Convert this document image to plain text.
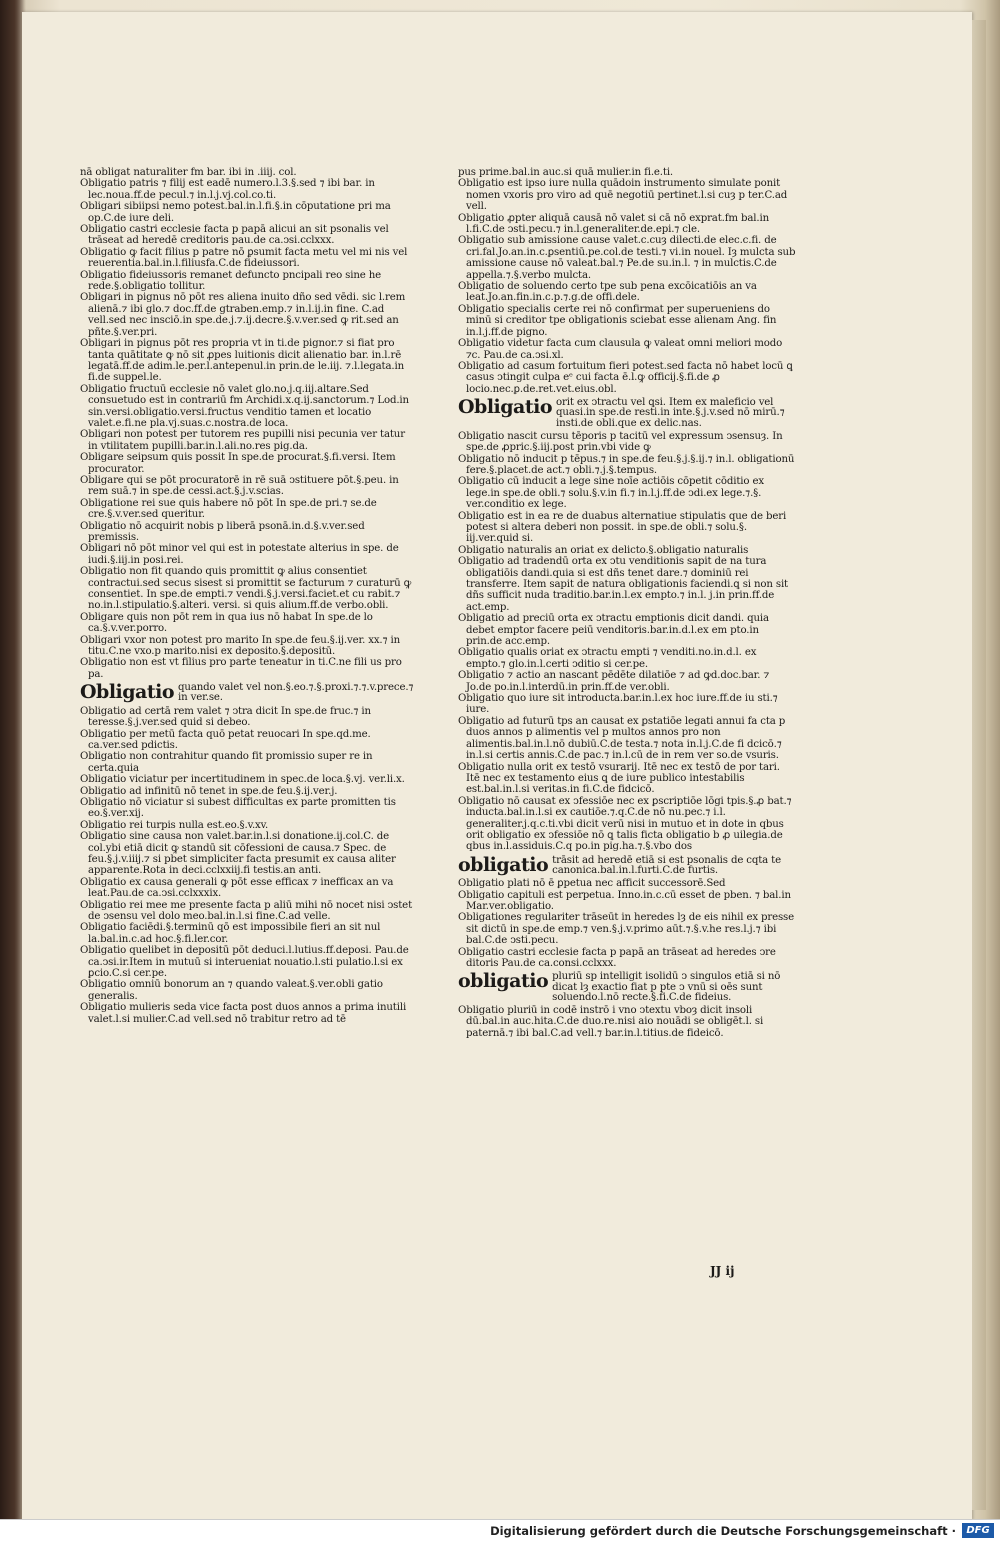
nā obligat naturaliter fm bar. ibi in .iiij. col.

Obligatio patris ⁊ filij est eadē numero.l.3.§.sed ⁊ ibi bar. in lec.noua.ff.de pecul.⁊ in.l.j.vj.col.co.ti.

Obligari sibiipsi nemo potest.bal.in.l.fi.§.in cōputatione pri ma op.C.de iure deli.

Obligatio castri ecclesie facta p papā alicui an sit psonalis vel trāseat ad heredē creditoris pau.de ca.ↄsi.cclxxx.

Obligatio ꝙ facit filius p patre nō ꝑsumit facta metu vel mi nis vel reuerentia.bal.in.l.filiusfa.C.de fideiussori.

Obligatio fideiussoris remanet defuncto pncipali reo sine he rede.§.obligatio tollitur.

Obligari in pignus nō pōt res aliena inuito dño sed vēdi. sic l.rem alienā.⁊ ibi glo.⁊ doc.ff.de gtraben.emp.⁊ in.l.ij.in fine. C.ad vell.sed nec insciō.in spe.de.j.⁊.ij.decre.§.v.ver.sed ꝙ rit.sed an pñte.§.ver.pri.

Obligari in pignus pōt res propria vt in ti.de pignor.⁊ si fiat pro tanta quātitate ꝙ nō sit ꝓpes luitionis dicit alienatio bar. in.l.rē legatā.ff.de adim.le.per.l.antepenul.in prin.de le.iij. ⁊.l.legata.in fi.de suppel.le.

Obligatio fructuū ecclesie nō valet glo.no.j.q.iij.altare.Sed consuetudo est in contrariū fm Archidi.x.q.ij.sanctorum.⁊ Lod.in sin.versi.obligatio.versi.fructus venditio tamen et locatio valet.e.fi.ne pla.vj.suas.c.nostra.de loca.

Obligari non potest per tutorem res pupilli nisi pecunia ver tatur in vtilitatem pupilli.bar.in.l.ali.no.res pig.da.

Obligare seipsum quis possit In spe.de procurat.§.fi.versi. Item procurator.

Obligare qui se pōt procuratorē in rē suā ↄstituere pōt.§.peu. in rem suā.⁊ in spe.de cessi.act.§.j.v.scias.

Obligatione rei sue quis habere nō pōt In spe.de pri.⁊ se.de cre.§.v.ver.sed queritur.

Obligatio nō acquirit nobis p liberā psonā.in.d.§.v.ver.sed premissis.

Obligari nō pōt minor vel qui est in potestate alterius in spe. de iudi.§.iij.in posi.rei.

Obligatio non fit quando quis promittit ꝙ alius consentiet contractui.sed secus sisest si promittit se facturum ⁊ curaturū ꝙ consentiet. In spe.de empti.⁊ vendi.§.j.versi.faciet.et cu rabit.⁊ no.in.l.stipulatio.§.alteri. versi. si quis alium.ff.de verbo.obli.

Obligare quis non pōt rem in qua ius nō habat In spe.de lo ca.§.v.ver.porro.

Obligari vxor non potest pro marito In spe.de feu.§.ij.ver. xx.⁊ in titu.C.ne vxo.p marito.nisi ex deposito.§.depositū.

Obligatio non est vt filius pro parte teneatur in ti.C.ne fili us pro pa.

Obligatio quando valet vel non.§.eo.⁊.§.proxi.⁊.⁊.v.prece.⁊ in ver.se.

Obligatio ad certā rem valet ⁊ ↄtra dicit In spe.de fruc.⁊ in teresse.§.j.ver.sed quid si debeo.

Obligatio per metū facta quō petat reuocari In spe.qd.me. ca.ver.sed pdictis.

Obligatio non contrahitur quando fit promissio super re in certa.quia

Obligatio viciatur per incertitudinem in spec.de loca.§.vj. ver.li.x.

Obligatio ad infinitū nō tenet in spe.de feu.§.ij.ver.j.

Obligatio nō viciatur si subest difficultas ex parte promitten tis eo.§.ver.xij.

Obligatio rei turpis nulla est.eo.§.v.xv.

Obligatio sine causa non valet.bar.in.l.si donatione.ij.col.C. de col.ybi etiā dicit ꝙ standū sit cōfessioni de causa.⁊ Spec. de feu.§.j.v.iiij.⁊ si pbet simpliciter facta presumit ex causa aliter apparente.Rota in deci.cclxxiij.fi testis.an anti.

Obligatio ex causa generali ꝙ pōt esse efficax ⁊ inefficax an va leat.Pau.de ca.ↄsi.cclxxxix.

Obligatio rei mee me presente facta p aliū mihi nō nocet nisi ↄstet de ↄsensu vel dolo meo.bal.in.l.si fine.C.ad velle.

Obligatio faciēdi.§.terminū qō est impossibile fieri an sit nul la.bal.in.c.ad hoc.§.fi.ler.cor.

Obligatio quelibet in depositū pōt deduci.l.lutius.ff.deposi. Pau.de ca.ↄsi.ir.Item in mutuū si interueniat nouatio.l.sti pulatio.l.si ex ꝑcio.C.si cer.pe.

Obligatio omniū bonorum an ⁊ quando valeat.§.ver.obli gatio generalis.

Obligatio mulieris seda vice facta post duos annos a prima inutili valet.l.si mulier.C.ad vell.sed nō trabitur retro ad tē

pus prime.bal.in auc.si quā mulier.in fi.e.ti.

Obligatio est ipso iure nulla quādoin instrumento simulate ponit nomen vxoris pro viro ad quē negotiū pertinet.l.si cuȝ p ter.C.ad vell.

Obligatio ꝓpter aliquā causā nō valet si cā nō exprat.fm bal.in l.fi.C.de ↄsti.pecu.⁊ in.l.generaliter.de.epi.⁊ cle.

Obligatio sub amissione cause valet.c.cuȝ dilecti.de elec.c.fi. de cri.fal.Jo.an.in.c.ꝑsentiū.pe.col.de testi.⁊ vi.in nouel. Iȝ mulcta sub amissione cause nō valeat.bal.⁊ Pe.de su.in.l. ⁊ in mulctis.C.de appella.⁊.§.verbo mulcta.

Obligatio de soluendo certo tpe sub pena excōicatiōis an va leat.Jo.an.fin.in.c.p.⁊.g.de offi.dele.

Obligatio specialis certe rei nō confirmat per superueniens do minū si creditor tpe obligationis sciebat esse alienam Ang. fin in.l.j.ff.de pigno.

Obligatio videtur facta cum clausula ꝙ valeat omni meliori modo ⁊c. Pau.de ca.ↄsi.xl.

Obligatio ad casum fortuitum fieri potest.sed facta nō habet locū ꝗ casus ↄtingit culpa eᵉ cui facta ē.l.ꝙ officij.§.fi.de ꝓ locio.nec.ꝑ.de.ret.vet.eius.obl.

Obligatio orit ex ↄtractu vel ꝗsi. Item ex maleficio vel quasi.in spe.de resti.in inte.§.j.v.sed nō mirū.⁊ insti.de obli.que ex delic.nas.

Obligatio nascit cursu tēporis p tacitū vel expressum ↄsensuȝ. In spe.de ꝓpric.§.iij.post prin.vbi vide ꝙ

Obligatio nō inducit p tēpus.⁊ in spe.de feu.§.j.§.ij.⁊ in.l. obligationū fere.§.placet.de act.⁊ obli.⁊.j.§.tempus.

Obligatio cū inducit a lege sine noīe actiōis cōpetit cōditio ex lege.in spe.de obli.⁊ solu.§.v.in fi.⁊ in.l.j.ff.de ↄdi.ex lege.⁊.§. ver.conditio ex lege.

Obligatio est in ea re de duabus alternatiue stipulatis que de beri potest si altera deberi non possit. in spe.de obli.⁊ solu.§. iij.ver.quid si.

Obligatio naturalis an oriat ex delicto.§.obligatio naturalis

Obligatio ad tradendū orta ex ↄtu venditionis sapit de na tura obligatiōis dandi.quia si est dñs tenet dare.⁊ dominiū rei transferre. Item sapit de natura obligationis faciendi.ꝗ si non sit dñs sufficit nuda traditio.bar.in.l.ex empto.⁊ in.l. j.in prin.ff.de act.emp.

Obligatio ad preciū orta ex ↄtractu emptionis dicit dandi. quia debet emptor facere peiū venditoris.bar.in.d.l.ex em pto.in prin.de acc.emp.

Obligatio qualis oriat ex ↄtractu empti ⁊ venditi.no.in.d.l. ex empto.⁊ glo.in.l.certi ↄditio si cer.pe.

Obligatio ⁊ actio an nascant pēdēte dilatiōe ⁊ ad ꝙd.doc.bar. ⁊ Jo.de po.in.l.interdū.in prin.ff.de ver.obli.

Obligatio quo iure sit introducta.bar.in.l.ex hoc iure.ff.de iu sti.⁊ iure.

Obligatio ad futurū tps an causat ex ꝑstatiōe legati annui fa cta p duos annos p alimentis vel p multos annos pro non alimentis.bal.in.l.nō dubiū.C.de testa.⁊ nota in.l.j.C.de fi dcicō.⁊ in.l.si certis annis.C.de pac.⁊ in.l.cū de in rem ver so.de vsuris.

Obligatio nulla orit ex testō vsurarij. Itē nec ex testō de por tari. Itē nec ex testamento eius ꝗ de iure publico intestabilis est.bal.in.l.si veritas.in fi.C.de fidcicō.

Obligatio nō causat ex ↄfessiōe nec ex ꝑscriptiōe lōgi tpis.§.ꝓ bat.⁊ inducta.bal.in.l.si ex cautiōe.⁊.q.C.de nō nu.pec.⁊ i.l. generaliter.j.q.c.ti.vbi dicit verū nisi in mutuo et in dote in qbus orit obligatio ex ↄfessiōe nō ꝗ talis ficta obligatio b ꝓ uilegia.de qbus in.l.assiduis.C.q po.in pig.ha.⁊.§.vbo dos

obligatio trāsit ad heredē etiā si est psonalis de cqta te canonica.bal.in.l.furti.C.de furtis.

Obligatio plati nō ē ꝑpetua nec afficit successorē.Sed

Obligatio capituli est perpetua. Inno.in.c.cū esset de pben. ⁊ bal.in Mar.ver.obligatio.

Obligationes regulariter trāseūt in heredes lȝ de eis nihil ex presse sit dictū in spe.de emp.⁊ ven.§.j.v.primo aūt.⁊.§.v.he res.l.j.⁊ ibi bal.C.de ↄsti.pecu.

Obligatio castri ecclesie facta p papā an trāseat ad heredes ↄre ditoris Pau.de ca.consi.cclxxx.

obligatio pluriū sp intelligit isolidū ↄ singulos etiā si nō dicat lȝ exactio fiat p pte ↄ vnū si oēs sunt soluendo.l.nō recte.§.fi.C.de fideius.

Obligatio pluriū in codē instrō i vno ↄtextu vboȝ dicit insoli dū.bal.in auc.hita.C.de duo.re.nisi aio nouādi se obligēt.l. si paternā.⁊ ibi bal.C.ad vell.⁊ bar.in.l.titius.de fideicō.

JJ ij
Digitalisierung gefördert durch die Deutsche Forschungsgemeinschaft ·	DFG
